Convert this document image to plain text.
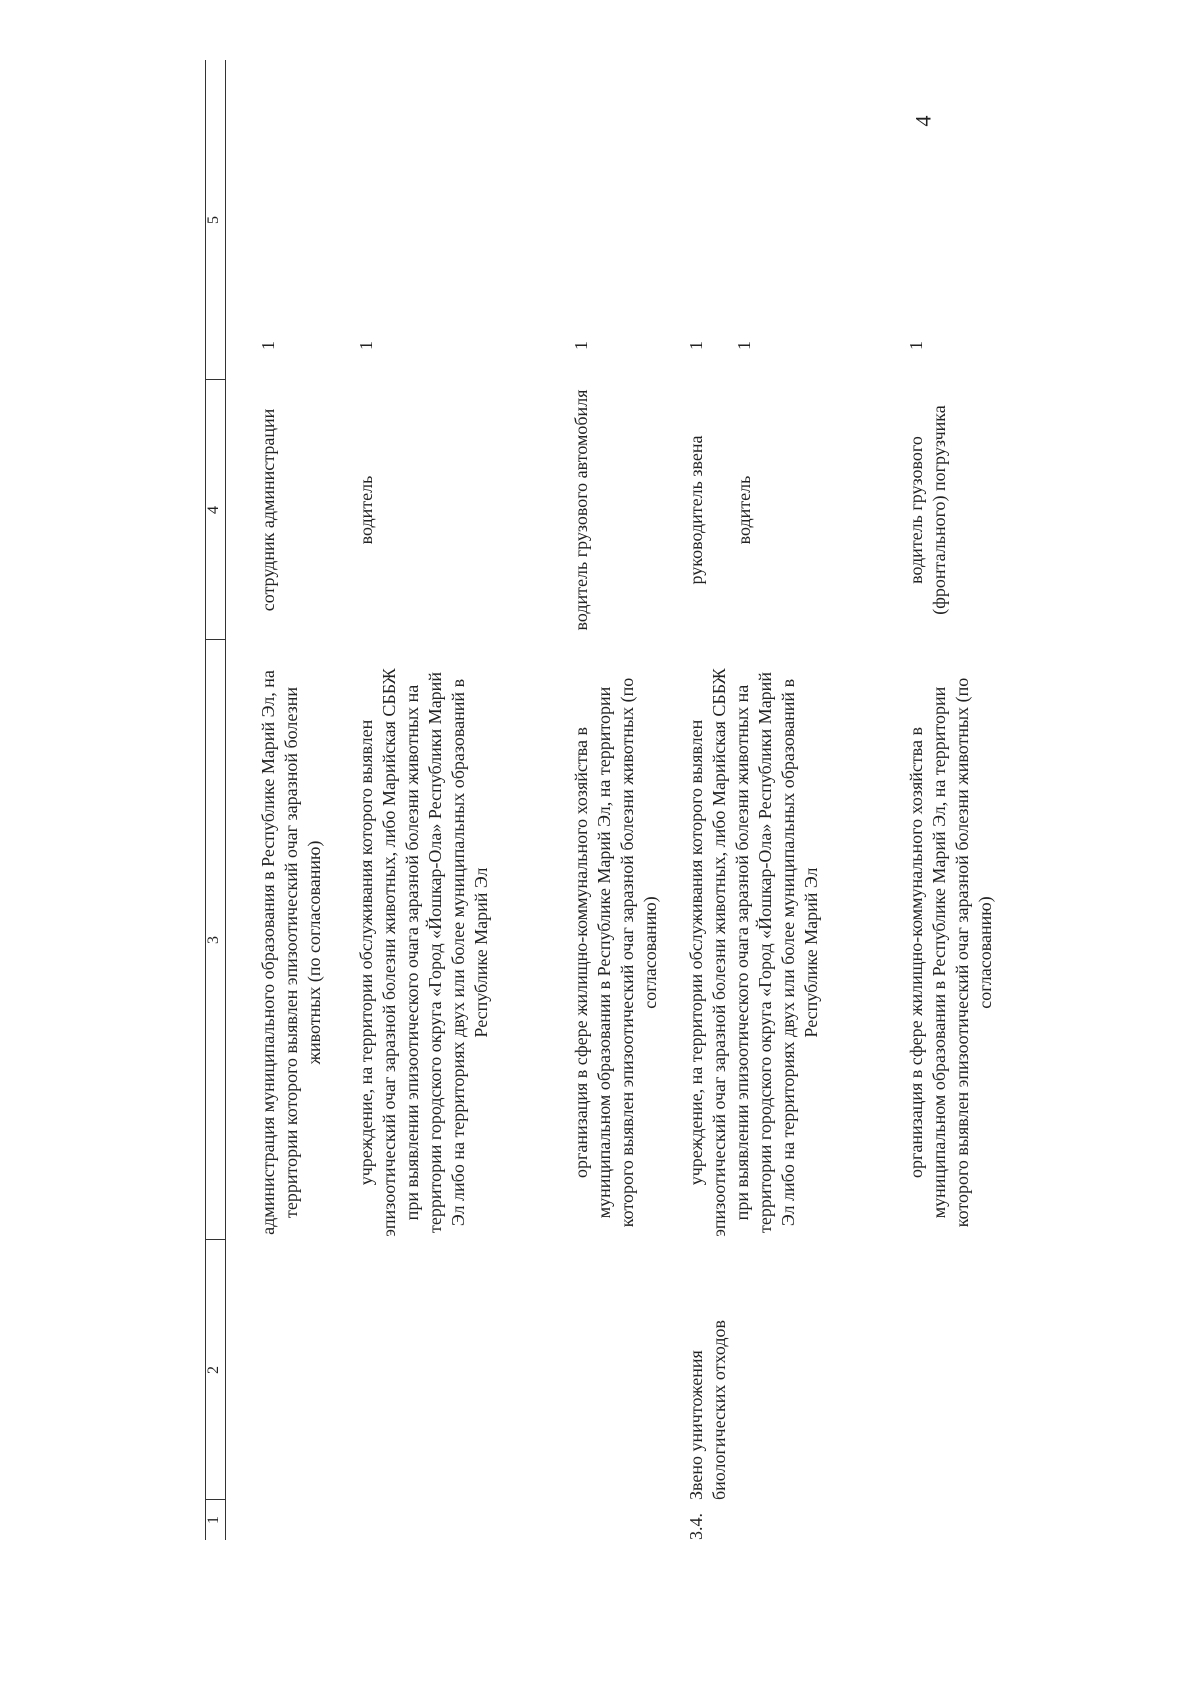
4
1
2
3
4
5
администрация муниципального образования в Республике Марий Эл, на территории которого выявлен эпизоотический очаг заразной болезни животных (по согласованию)
сотрудник администрации
1
учреждение, на территории обслуживания которого выявлен эпизоотический очаг заразной болезни животных, либо Марийская СББЖ при выявлении эпизоотического очага заразной болезни животных на территории городского округа «Город «Йошкар-Ола» Республики Марий Эл либо на территориях двух или более муниципальных образований в Республике Марий Эл
водитель
1
организация в сфере жилищно-коммунального хозяйства в муниципальном образовании в Республике Марий Эл, на территории которого выявлен эпизоотический очаг заразной болезни животных (по согласованию)
водитель грузового автомобиля
1
3.4.
Звено уничтожения биологических отходов
учреждение, на территории обслуживания которого выявлен эпизоотический очаг заразной болезни животных, либо Марийская СББЖ при выявлении эпизоотического очага заразной болезни животных на территории городского округа «Город «Йошкар-Ола» Республики Марий Эл либо на территориях двух или более муниципальных образований в Республике Марий Эл
руководитель звена
1
водитель
1
организация в сфере жилищно-коммунального хозяйства в муниципальном образовании в Республике Марий Эл, на территории которого выявлен эпизоотический очаг заразной болезни животных (по согласованию)
водитель грузового (фронтального) погрузчика
1
